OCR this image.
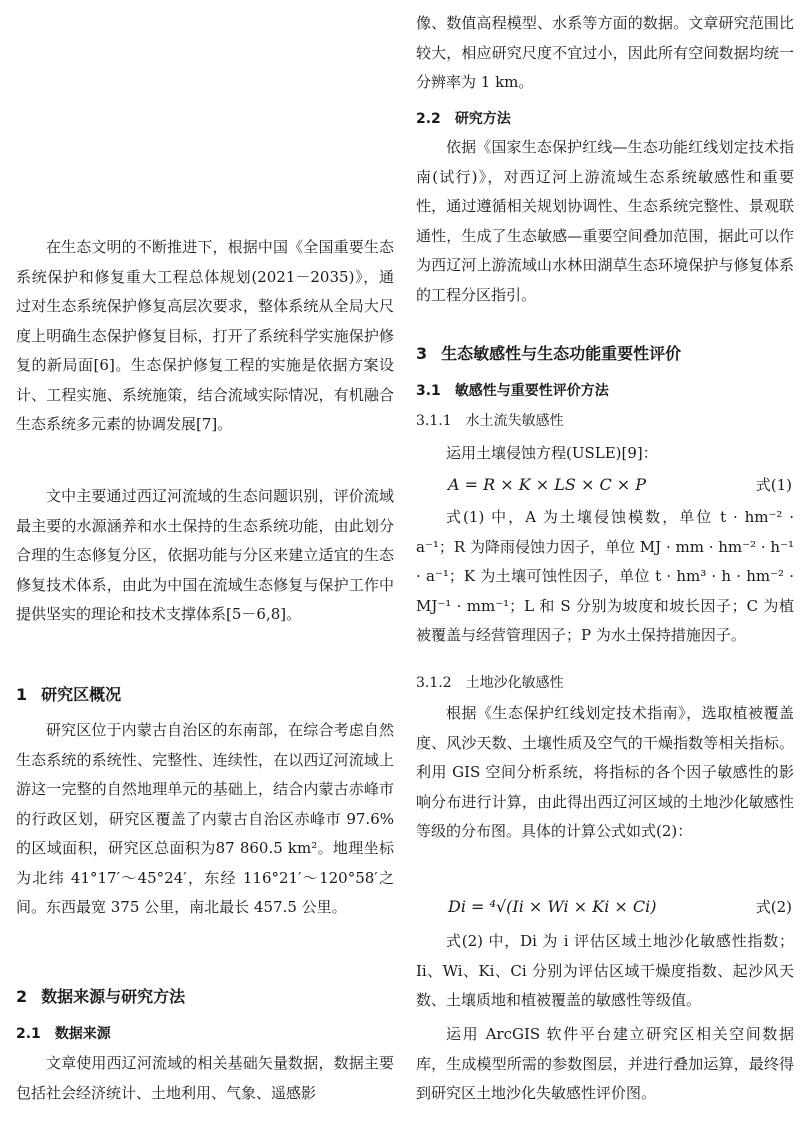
在生态文明的不断推进下，根据中国《全国重要生态系统保护和修复重大工程总体规划(2021－2035)》，通过对生态系统保护修复高层次要求，整体系统从全局大尺度上明确生态保护修复目标，打开了系统科学实施保护修复的新局面[6]。生态保护修复工程的实施是依据方案设计、工程实施、系统施策，结合流域实际情况，有机融合生态系统多元素的协调发展[7]。

文中主要通过西辽河流域的生态问题识别，评价流域最主要的水源涵养和水土保持的生态系统功能，由此划分合理的生态修复分区，依据功能与分区来建立适宜的生态修复技术体系，由此为中国在流域生态修复与保护工作中提供坚实的理论和技术支撑体系[5－6,8]。

1 研究区概况

研究区位于内蒙古自治区的东南部，在综合考虑自然生态系统的系统性、完整性、连续性，在以西辽河流域上游这一完整的自然地理单元的基础上，结合内蒙古赤峰市的行政区划，研究区覆盖了内蒙古自治区赤峰市 97.6% 的区域面积，研究区总面积为87 860.5 km²。地理坐标为北纬 41°17′～45°24′，东经 116°21′～120°58′之间。东西最宽 375 公里，南北最长 457.5 公里。

2 数据来源与研究方法
2.1 数据来源

文章使用西辽河流域的相关基础矢量数据，数据主要包括社会经济统计、土地利用、气象、遥感影

像、数值高程模型、水系等方面的数据。文章研究范围比较大，相应研究尺度不宜过小，因此所有空间数据均统一分辨率为 1 km。

2.2 研究方法

依据《国家生态保护红线—生态功能红线划定技术指南(试行)》，对西辽河上游流域生态系统敏感性和重要性，通过遵循相关规划协调性、生态系统完整性、景观联通性，生成了生态敏感—重要空间叠加范围，据此可以作为西辽河上游流域山水林田湖草生态环境保护与修复体系的工程分区指引。

3 生态敏感性与生态功能重要性评价
3.1 敏感性与重要性评价方法
3.1.1 水土流失敏感性

运用土壤侵蚀方程(USLE)[9]：

A = R × K × LS × C × P	式(1)

式(1) 中，A 为土壤侵蚀模数，单位 t · hm⁻² · a⁻¹；R 为降雨侵蚀力因子，单位 MJ · mm · hm⁻² · h⁻¹ · a⁻¹；K 为土壤可蚀性因子，单位 t · hm³ · h · hm⁻² · MJ⁻¹ · mm⁻¹；L 和 S 分别为坡度和坡长因子；C 为植被覆盖与经营管理因子；P 为水土保持措施因子。

3.1.2 土地沙化敏感性

根据《生态保护红线划定技术指南》，选取植被覆盖度、风沙天数、土壤性质及空气的干燥指数等相关指标。利用 GIS 空间分析系统，将指标的各个因子敏感性的影响分布进行计算，由此得出西辽河区域的土地沙化敏感性等级的分布图。具体的计算公式如式(2)：

Di = ⁴√(Ii × Wi × Ki × Ci)	式(2)

式(2) 中，Di 为 i 评估区域土地沙化敏感性指数；Ii、Wi、Ki、Ci 分别为评估区域干燥度指数、起沙风天数、土壤质地和植被覆盖的敏感性等级值。

运用 ArcGIS 软件平台建立研究区相关空间数据库，生成模型所需的参数图层，并进行叠加运算，最终得到研究区土地沙化失敏感性评价图。
